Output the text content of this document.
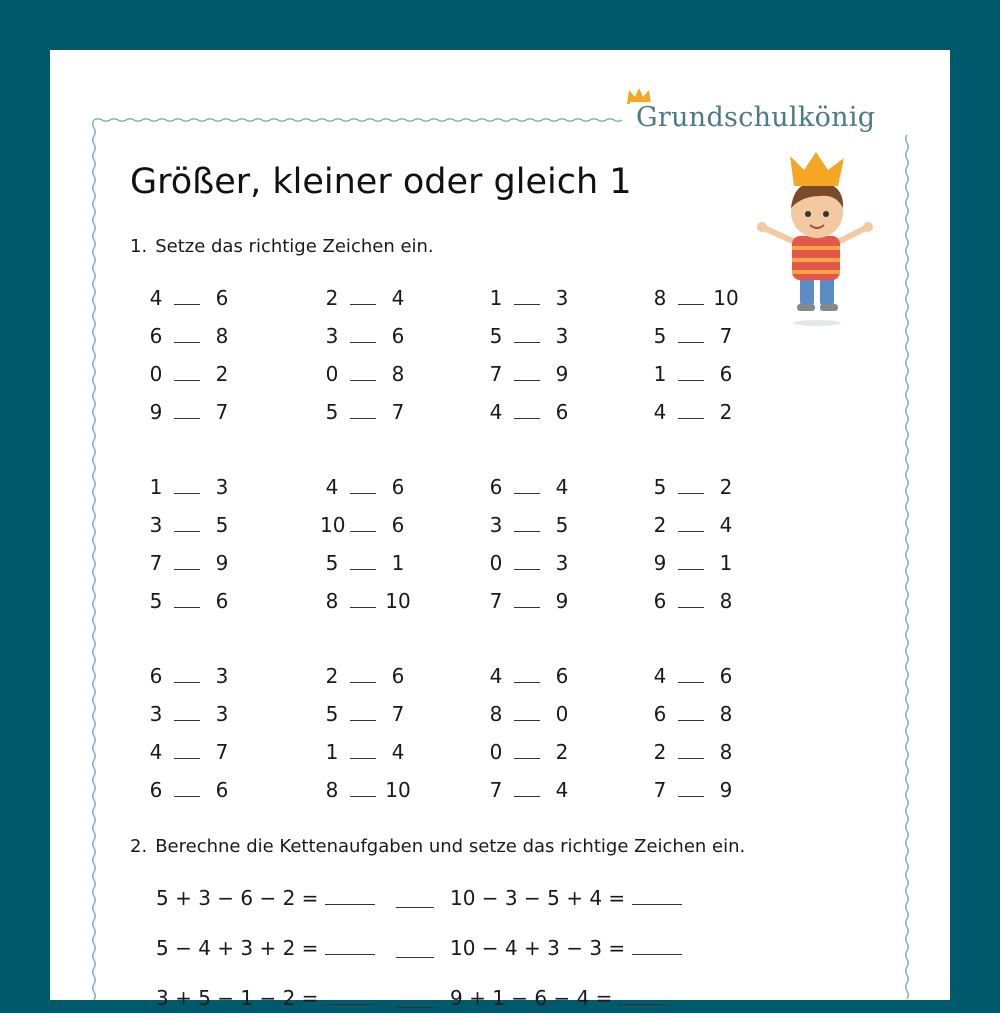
Grundschulkönig
Größer, kleiner oder gleich 1

1. Setze das richtige Zeichen ein.

4	6
6	8
0	2
9	7
2	4
3	6
0	8
5	7
1	3
5	3
7	9
4	6
8 10
5	7
1	6
4	2
1	3
3	5
7	9
5	6
4	6
10	6
5	1
8 10
6	4
3	5
0	3
7	9
5	2
2	4
9	1
6	8
6	3
3	3
4	7
6	6
2	6
5	7
1	4
8 10
4	6
8	0
0	2
7	4
4	6
6	8
2	8
7	9

2. Berechne die Kettenaufgaben und setze das richtige Zeichen ein.

5 + 3 − 6 − 2 =	10 − 3 − 5 + 4 =
5 − 4 + 3 + 2 =	10 − 4 + 3 − 3 =
3 + 5 − 1 − 2 =	9 + 1 − 6 − 4 =
